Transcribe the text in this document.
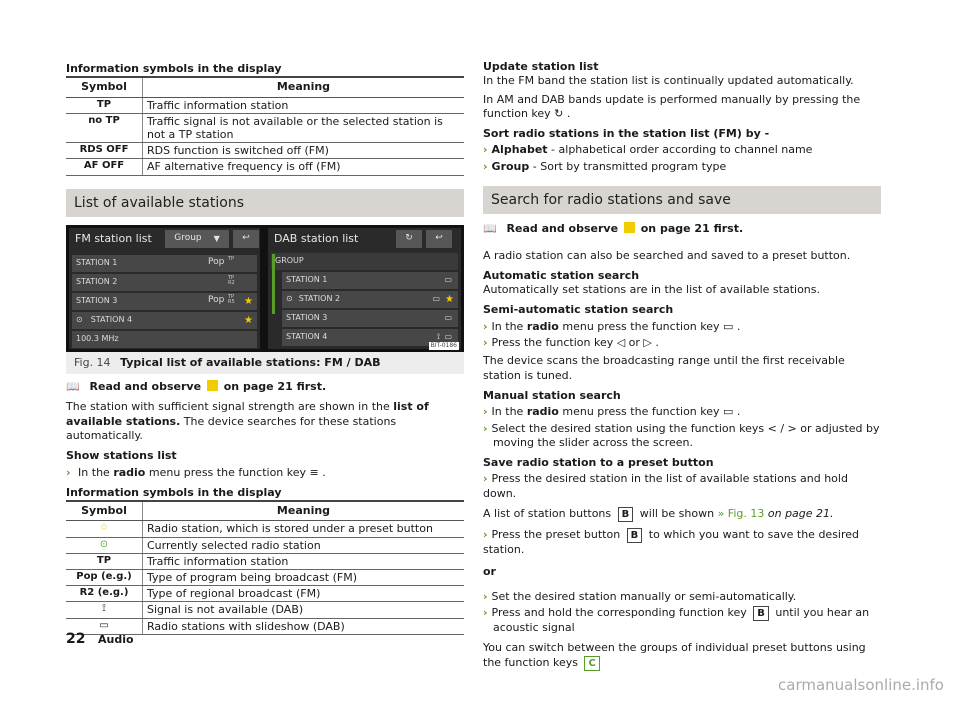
Information symbols in the display
Symbol	Meaning
TP	Traffic information station
no TP	Traffic signal is not available or the selected station is not a TP station
RDS OFF	RDS function is switched off (FM)
AF OFF	AF alternative frequency is off (FM)
List of available stations
FM station list	Group ▼ ↩
STATION 1	Pop TP
STATION 2	TP R2
STATION 3	Pop TP R5 ★
⊙ STATION 4	★
100.3 MHz
DAB station list	↻ ↩
GROUP
STATION 1	▭
⊙ STATION 2	▭ ★
STATION 3	▭
STATION 4	⟟ ▭
BIT-0186
Fig. 14 Typical list of available stations: FM / DAB
📖 Read and observe on page 21 first.

The station with sufficient signal strength are shown in the list of available stations. The device searches for these stations automatically.

Show stations list
› In the radio menu press the function key ≡ .
Information symbols in the display
Symbol	Meaning
☆	Radio station, which is stored under a preset button
⊙	Currently selected radio station
TP	Traffic information station
Pop (e.g.)	Type of program being broadcast (FM)
R2 (e.g.)	Type of regional broadcast (FM)
⟟	Signal is not available (DAB)
▭	Radio stations with slideshow (DAB)
Update station list

In the FM band the station list is continually updated automatically.

In AM and DAB bands update is performed manually by pressing the function key ↻ .

Sort radio stations in the station list (FM) by -
› Alphabet - alphabetical order according to channel name
› Group - Sort by transmitted program type
Search for radio stations and save
📖 Read and observe on page 21 first.

A radio station can also be searched and saved to a preset button.

Automatic station search
Automatically set stations are in the list of available stations.
Semi-automatic station search
› In the radio menu press the function key ▭ .
› Press the function key ◁ or ▷ .

The device scans the broadcasting range until the first receivable station is tuned.

Manual station search
› In the radio menu press the function key ▭ .
› Select the desired station using the function keys < / > or adjusted by moving the slider across the screen.
Save radio station to a preset button
› Press the desired station in the list of available stations and hold down.

A list of station buttons B will be shown » Fig. 13 on page 21.

› Press the preset button B to which you want to save the desired station.
or
› Set the desired station manually or semi-automatically.
› Press and hold the corresponding function key B until you hear an acoustic signal

You can switch between the groups of individual preset buttons using the function keys C

22 Audio
carmanualsonline.info
